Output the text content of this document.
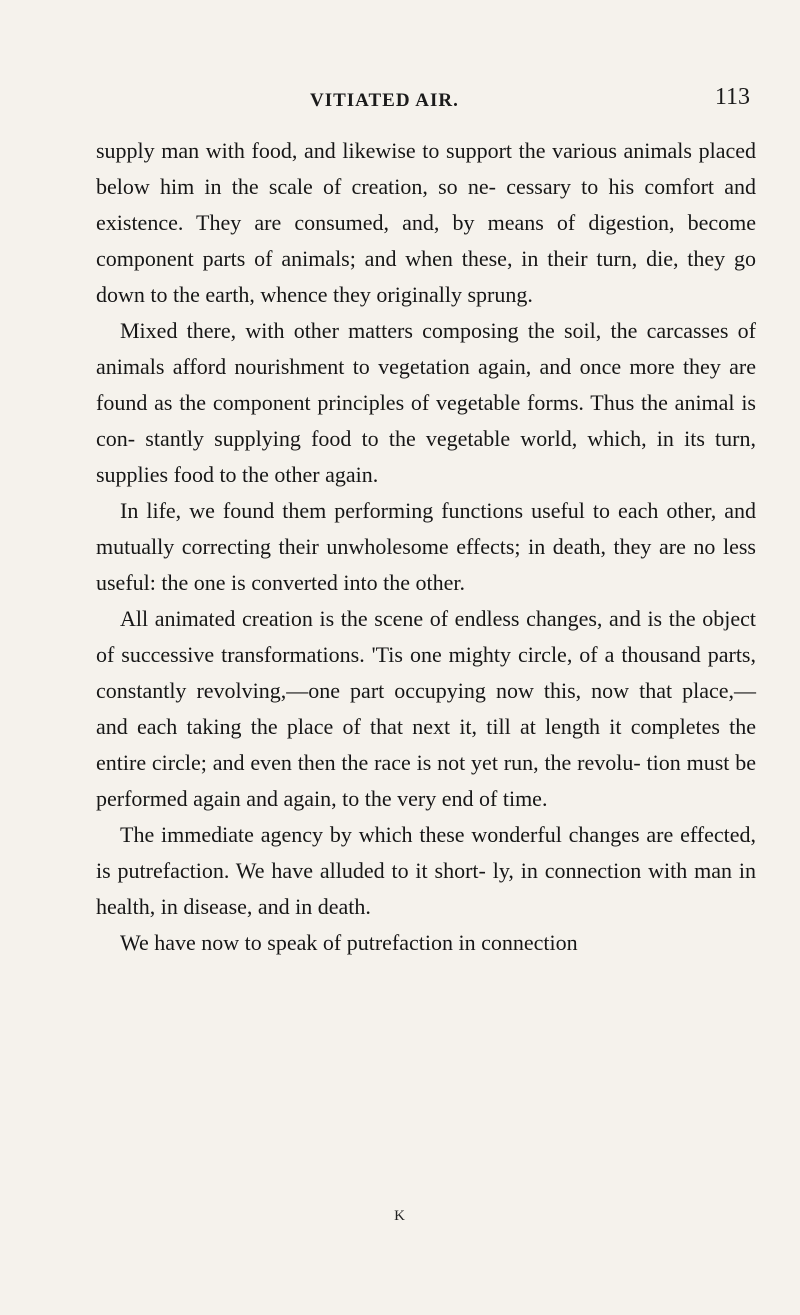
VITIATED AIR.	113

supply man with food, and likewise to support the various animals placed below him in the scale of creation, so ne- cessary to his comfort and existence. They are consumed, and, by means of digestion, become component parts of animals; and when these, in their turn, die, they go down to the earth, whence they originally sprung.

Mixed there, with other matters composing the soil, the carcasses of animals afford nourishment to vegetation again, and once more they are found as the component principles of vegetable forms. Thus the animal is con- stantly supplying food to the vegetable world, which, in its turn, supplies food to the other again.

In life, we found them performing functions useful to each other, and mutually correcting their unwholesome effects; in death, they are no less useful: the one is converted into the other.

All animated creation is the scene of endless changes, and is the object of successive transformations. 'Tis one mighty circle, of a thousand parts, constantly revolving,—one part occupying now this, now that place,— and each taking the place of that next it, till at length it completes the entire circle; and even then the race is not yet run, the revolu- tion must be performed again and again, to the very end of time.

The immediate agency by which these wonderful changes are effected, is putrefaction. We have alluded to it short- ly, in connection with man in health, in disease, and in death.

We have now to speak of putrefaction in connection

K
